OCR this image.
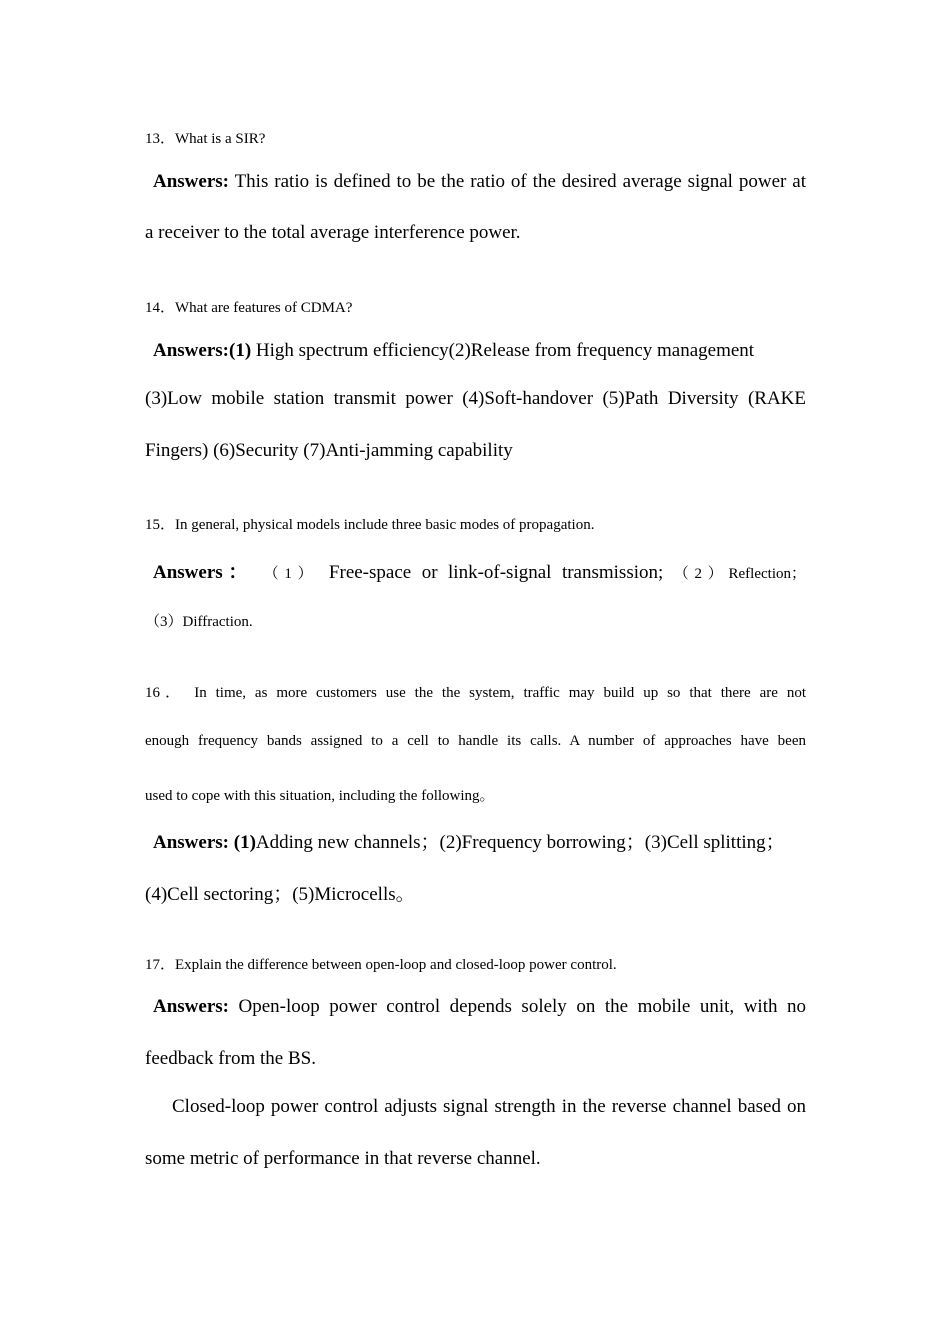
13．What is a SIR?
Answers: This ratio is defined to be the ratio of the desired average signal power at
a receiver to the total average interference power.
14．What are features of CDMA?
Answers:(1) High spectrum efficiency(2)Release from frequency management
(3)Low mobile station transmit power (4)Soft-handover (5)Path Diversity (RAKE
Fingers) (6)Security (7)Anti-jamming capability
15．In general, physical models include three basic modes of propagation.
Answers： （1） Free-space or link-of-signal transmission; （2）Reflection；
（3）Diffraction.
16． In time, as more customers use the the system, traffic may build up so that there are not
enough frequency bands assigned to a cell to handle its calls. A number of approaches have been
used to cope with this situation, including the following。
Answers: (1)Adding new channels；(2)Frequency borrowing；(3)Cell splitting；
(4)Cell sectoring；(5)Microcells。
17．Explain the difference between open-loop and closed-loop power control.
Answers: Open-loop power control depends solely on the mobile unit, with no
feedback from the BS.
Closed-loop power control adjusts signal strength in the reverse channel based on
some metric of performance in that reverse channel.
